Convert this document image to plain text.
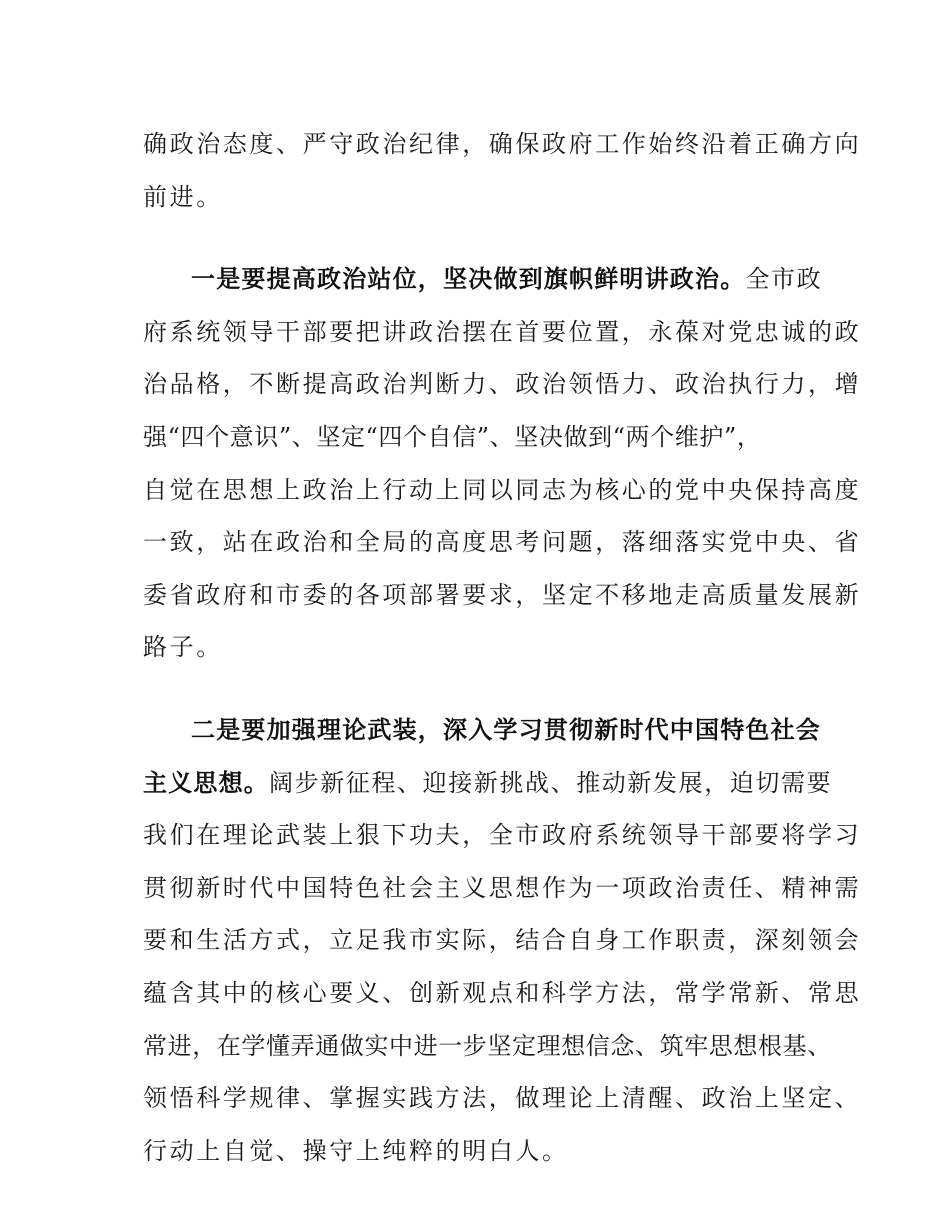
确政治态度、严守政治纪律，确保政府工作始终沿着正确方向
前进。
一是要提高政治站位，坚决做到旗帜鲜明讲政治。全市政
府系统领导干部要把讲政治摆在首要位置，永葆对党忠诚的政
治品格，不断提高政治判断力、政治领悟力、政治执行力，增
强“四个意识”、坚定“四个自信”、坚决做到“两个维护”，
自觉在思想上政治上行动上同以同志为核心的党中央保持高度
一致，站在政治和全局的高度思考问题，落细落实党中央、省
委省政府和市委的各项部署要求，坚定不移地走高质量发展新
路子。
二是要加强理论武装，深入学习贯彻新时代中国特色社会
主义思想。阔步新征程、迎接新挑战、推动新发展，迫切需要
我们在理论武装上狠下功夫，全市政府系统领导干部要将学习
贯彻新时代中国特色社会主义思想作为一项政治责任、精神需
要和生活方式，立足我市实际，结合自身工作职责，深刻领会
蕴含其中的核心要义、创新观点和科学方法，常学常新、常思
常进，在学懂弄通做实中进一步坚定理想信念、筑牢思想根基、
领悟科学规律、掌握实践方法，做理论上清醒、政治上坚定、
行动上自觉、操守上纯粹的明白人。
